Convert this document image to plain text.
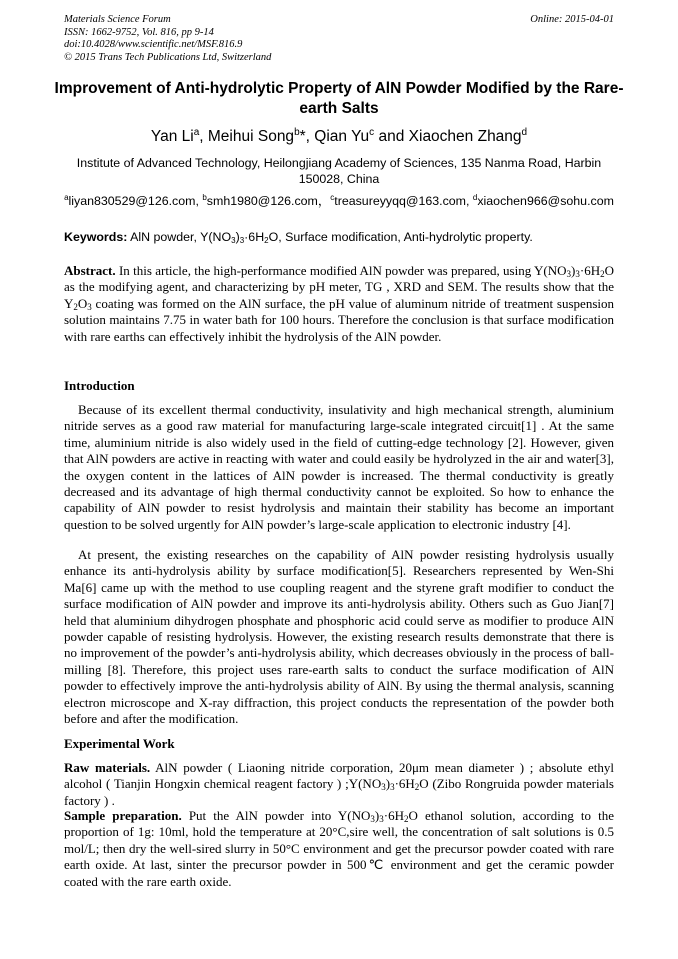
Materials Science Forum
ISSN: 1662-9752, Vol. 816, pp 9-14
doi:10.4028/www.scientific.net/MSF.816.9
© 2015 Trans Tech Publications Ltd, Switzerland
Online: 2015-04-01
Improvement of Anti-hydrolytic Property of AlN Powder Modified by the Rare-earth Salts
Yan Li$^a$, Meihui Song$^b$*, Qian Yu$^c$ and Xiaochen Zhang$^d$
Institute of Advanced Technology, Heilongjiang Academy of Sciences, 135 Nanma Road, Harbin 150028, China
$^a$liyan830529@126.com, $^b$smh1980@126.com，$^c$treasureyyqq@163.com, $^d$xiaochen966@sohu.com
Keywords: AlN powder, $Y(NO_3)_3\cdot 6H_2O$, Surface modification, Anti-hydrolytic property.
Abstract. In this article, the high-performance modified AlN powder was prepared, using $Y(NO_3)_3\cdot 6H_2O$ as the modifying agent, and characterizing by pH meter, TG , XRD and SEM. The results show that the $Y_2O_3$ coating was formed on the AlN surface, the pH value of aluminum nitride of treatment suspension solution maintains 7.75 in water bath for 100 hours. Therefore the conclusion is that surface modification with rare earths can effectively inhibit the hydrolysis of the AlN powder.
Introduction
Because of its excellent thermal conductivity, insulativity and high mechanical strength, aluminium nitride serves as a good raw material for manufacturing large-scale integrated circuit[1] . At the same time, aluminium nitride is also widely used in the field of cutting-edge technology [2]. However, given that AlN powders are active in reacting with water and could easily be hydrolyzed in the air and water[3], the oxygen content in the lattices of AlN powder is increased. The thermal conductivity is greatly decreased and its advantage of high thermal conductivity cannot be exploited. So how to enhance the capability of AlN powder to resist hydrolysis and maintain their stability has become an important question to be solved urgently for AlN powder’s large-scale application to electronic industry [4].
At present, the existing researches on the capability of AlN powder resisting hydrolysis usually enhance its anti-hydrolysis ability by surface modification[5]. Researchers represented by Wen-Shi Ma[6] came up with the method to use coupling reagent and the styrene graft modifier to conduct the surface modification of AlN powder and improve its anti-hydrolysis ability. Others such as Guo Jian[7] held that aluminium dihydrogen phosphate and phosphoric acid could serve as modifier to produce AlN powder capable of resisting hydrolysis. However, the existing research results demonstrate that there is no improvement of the powder’s anti-hydrolysis ability, which decreases obviously in the process of ball-milling [8]. Therefore, this project uses rare-earth salts to conduct the surface modification of AlN powder to effectively improve the anti-hydrolysis ability of AlN. By using the thermal analysis, scanning electron microscope and X-ray diffraction, this project conducts the representation of the powder both before and after the modification.
Experimental Work
Raw materials. AlN powder ( Liaoning nitride corporation, 20μm mean diameter ) ; absolute ethyl alcohol ( Tianjin Hongxin chemical reagent factory ) $;Y(NO_3)_3\cdot 6H_2O$ (Zibo Rongruida powder materials factory ) .
Sample preparation. Put the AlN powder into $Y(NO_3)_3\cdot 6H_2O$ ethanol solution, according to the proportion of 1g: 10ml, hold the temperature at 20°C,sire well, the concentration of salt solutions is 0.5 mol/L; then dry the well-sired slurry in 50°C environment and get the precursor powder coated with rare earth oxide. At last, sinter the precursor powder in 500℃ environment and get the ceramic powder coated with the rare earth oxide.
